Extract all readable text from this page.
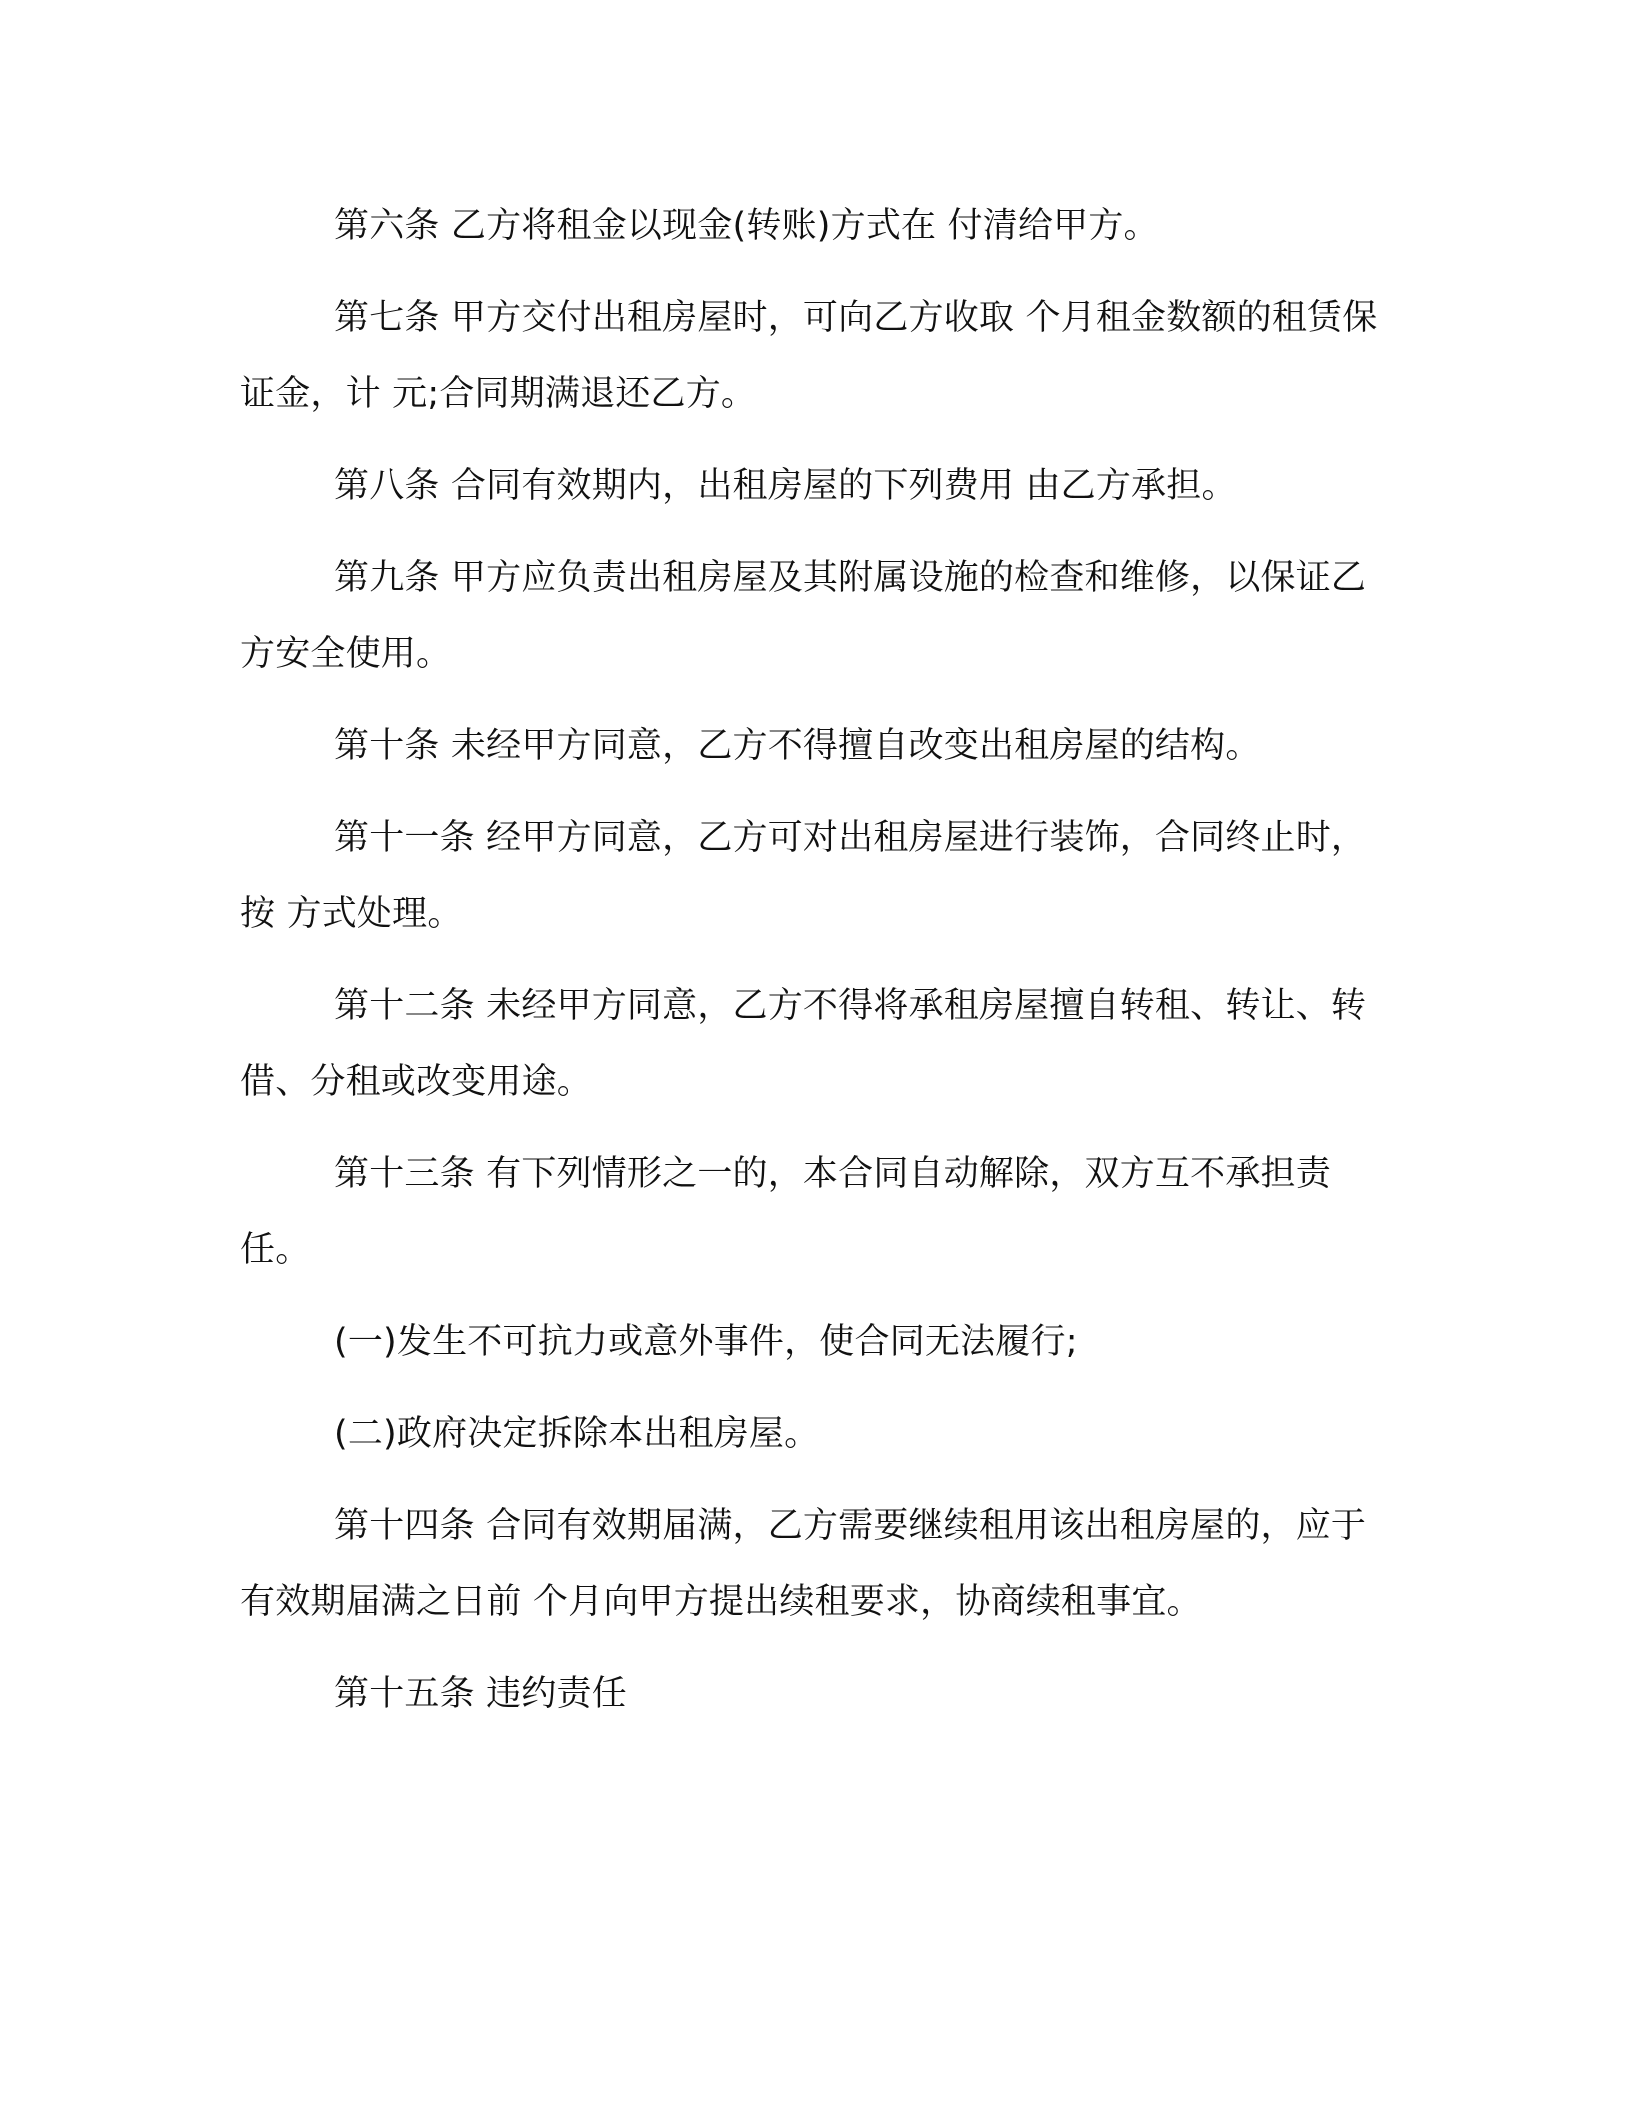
第六条 乙方将租金以现金(转账)方式在 付清给甲方。

第七条 甲方交付出租房屋时，可向乙方收取 个月租金数额的租赁保证金，计 元;合同期满退还乙方。

第八条 合同有效期内，出租房屋的下列费用 由乙方承担。

第九条 甲方应负责出租房屋及其附属设施的检查和维修，以保证乙方安全使用。

第十条 未经甲方同意，乙方不得擅自改变出租房屋的结构。

第十一条 经甲方同意，乙方可对出租房屋进行装饰，合同终止时，按 方式处理。

第十二条 未经甲方同意，乙方不得将承租房屋擅自转租、转让、转借、分租或改变用途。

第十三条 有下列情形之一的，本合同自动解除，双方互不承担责任。

(一)发生不可抗力或意外事件，使合同无法履行;

(二)政府决定拆除本出租房屋。

第十四条 合同有效期届满，乙方需要继续租用该出租房屋的，应于有效期届满之日前 个月向甲方提出续租要求，协商续租事宜。

第十五条 违约责任
